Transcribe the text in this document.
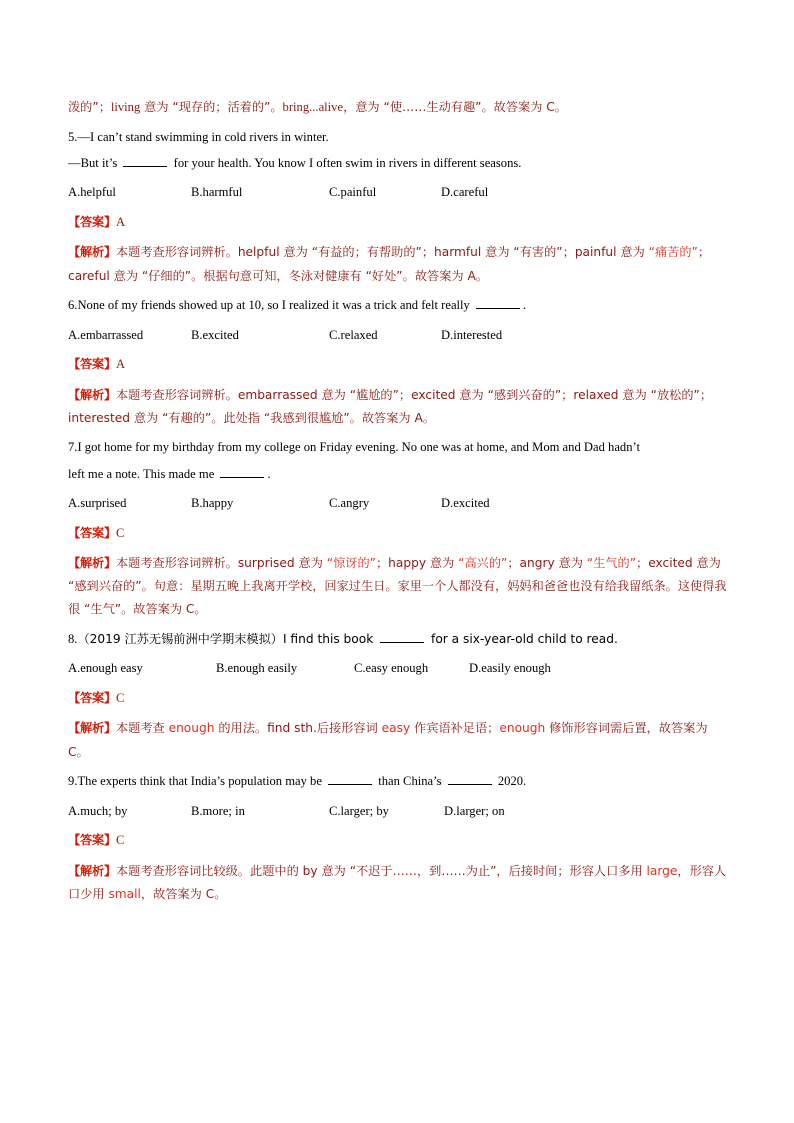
泼的”；living 意为 “现存的；活着的”。bring...alive，意为 “使……生动有趣”。故答案为 C。
5.—I can’t stand swimming in cold rivers in winter.
—But it’s	for your health. You know I often swim in rivers in different seasons.
A.helpful	B.harmful	C.painful	D.careful
【答案】A
【解析】本题考查形容词辨析。helpful 意为 “有益的；有帮助的”；harmful 意为 “有害的”；painful 意为 “痛苦的”；careful 意为 “仔细的”。根据句意可知，冬泳对健康有 “好处”。故答案为 A。
6.None of my friends showed up at 10, so I realized it was a trick and felt really	.
A.embarrassed	B.excited	C.relaxed	D.interested
【答案】A
【解析】本题考查形容词辨析。embarrassed 意为 “尴尬的”；excited 意为 “感到兴奋的”；relaxed 意为 “放松的”；interested 意为 “有趣的”。此处指 “我感到很尴尬”。故答案为 A。
7.I got home for my birthday from my college on Friday evening. No one was at home, and Mom and Dad hadn’t
left me a note. This made me	.
A.surprised	B.happy	C.angry	D.excited
【答案】C
【解析】本题考查形容词辨析。surprised 意为 “惊讶的”；happy 意为 “高兴的”；angry 意为 “生气的”；excited 意为 “感到兴奋的”。句意：星期五晚上我离开学校，回家过生日。家里一个人都没有，妈妈和爸爸也没有给我留纸条。这使得我很 “生气”。故答案为 C。
8.（2019 江苏无锡前洲中学期末模拟）I find this book	for a six-year-old child to read.
A.enough easy	B.enough easily	C.easy enough	D.easily enough
【答案】C
【解析】本题考查 enough 的用法。find sth.后接形容词 easy 作宾语补足语；enough 修饰形容词需后置，故答案为 C。
9.The experts think that India’s population may be	than China’s	2020.
A.much; by	B.more; in	C.larger; by	D.larger; on
【答案】C
【解析】本题考查形容词比较级。此题中的 by 意为 “不迟于……，到……为止”，后接时间；形容人口多用 large，形容人口少用 small，故答案为 C。
